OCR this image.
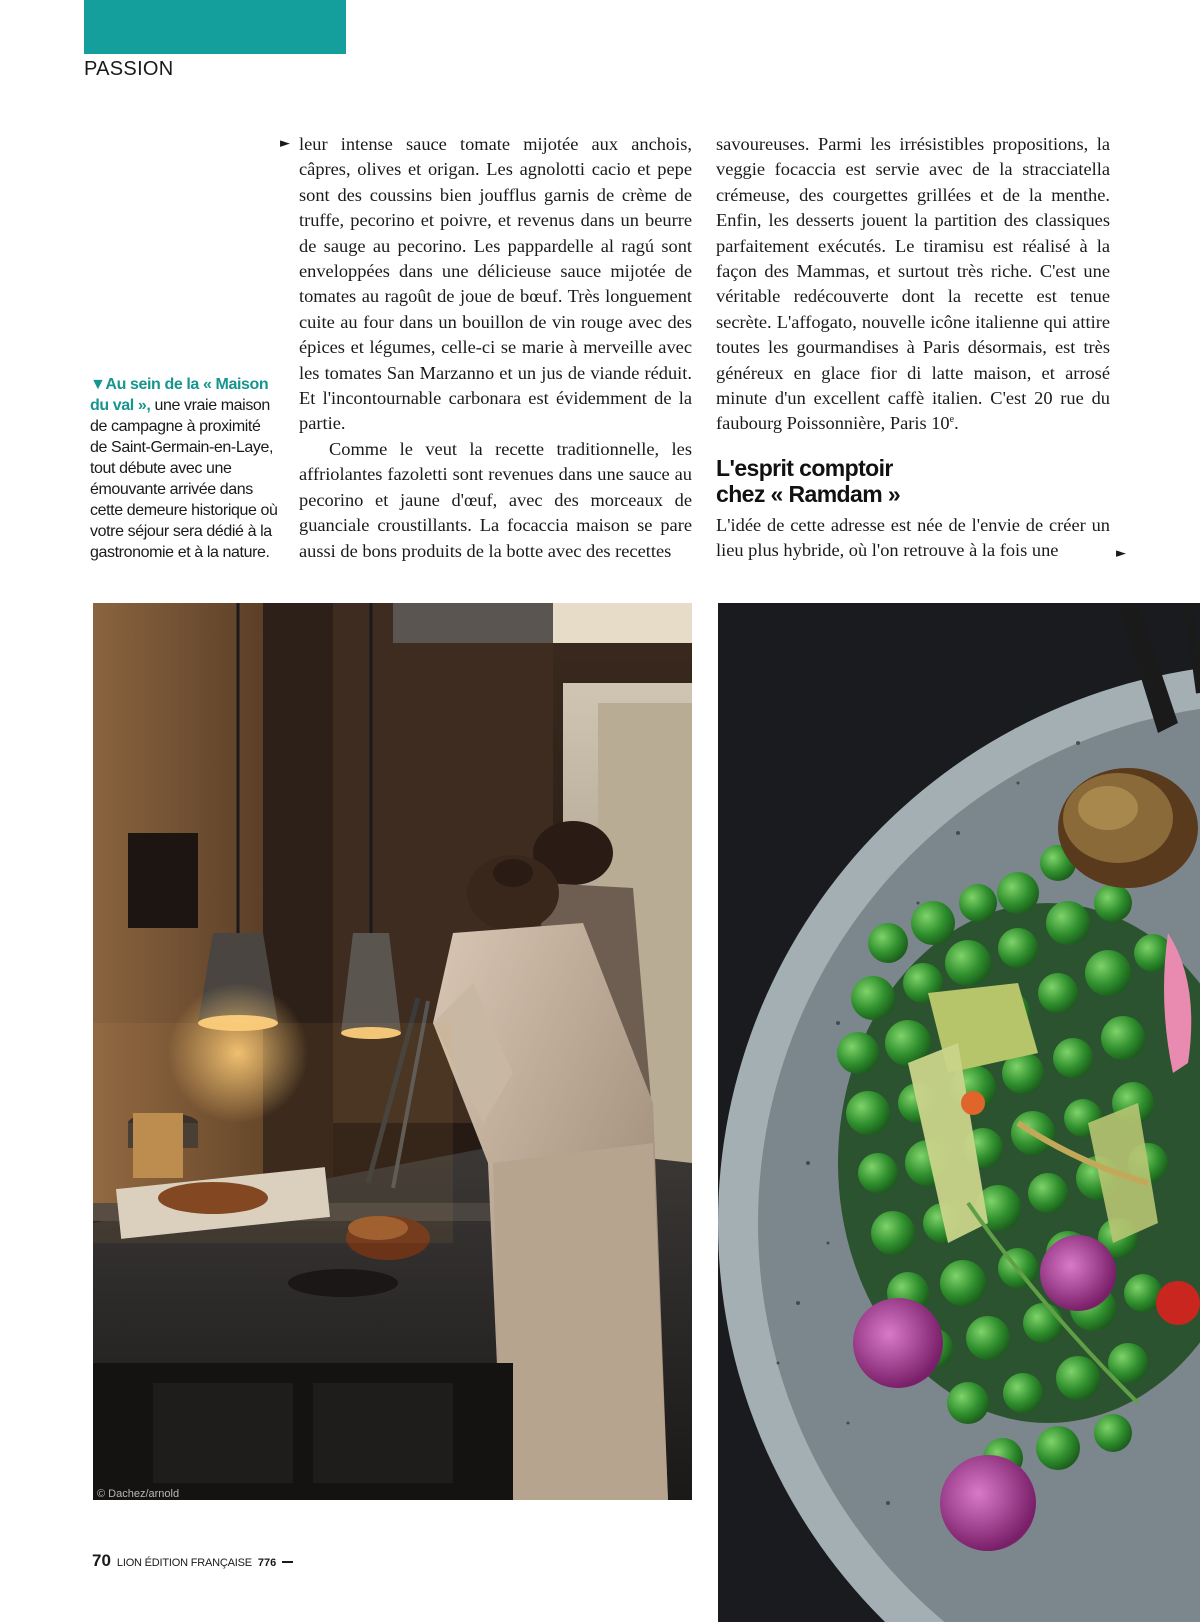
PASSION
▼Au sein de la « Maison du val », une vraie maison de campagne à proximité de Saint-Germain-en-Laye, tout débute avec une émouvante arrivée dans cette demeure historique où votre séjour sera dédié à la gastronomie et à la nature.
► leur intense sauce tomate mijotée aux anchois, câpres, olives et origan. Les agnolotti cacio et pepe sont des coussins bien joufflus garnis de crème de truffe, pecorino et poivre, et revenus dans un beurre de sauge au pecorino. Les pappardelle al ragú sont enveloppées dans une délicieuse sauce mijotée de tomates au ragoût de joue de bœuf. Très longuement cuite au four dans un bouillon de vin rouge avec des épices et légumes, celle-ci se marie à merveille avec les tomates San Marzanno et un jus de viande réduit. Et l'incontournable carbonara est évidemment de la partie.

Comme le veut la recette traditionnelle, les affriolantes fazoletti sont revenues dans une sauce au pecorino et jaune d'œuf, avec des morceaux de guanciale croustillants. La focaccia maison se pare aussi de bons produits de la botte avec des recettes

savoureuses. Parmi les irrésistibles propositions, la veggie focaccia est servie avec de la stracciatella crémeuse, des courgettes grillées et de la menthe. Enfin, les desserts jouent la partition des classiques parfaitement exécutés. Le tiramisu est réalisé à la façon des Mammas, et surtout très riche. C'est une véritable redécouverte dont la recette est tenue secrète. L'affogato, nouvelle icône italienne qui attire toutes les gourmandises à Paris désormais, est très généreux en glace fior di latte maison, et arrosé minute d'un excellent caffè italien. C'est 20 rue du faubourg Poissonnière, Paris 10e.

L'esprit comptoir
chez « Ramdam »

L'idée de cette adresse est née de l'envie de créer un lieu plus hybride, où l'on retrouve à la fois une	►
© Dachez/arnold
70 LION ÉDITION FRANÇAISE 776
